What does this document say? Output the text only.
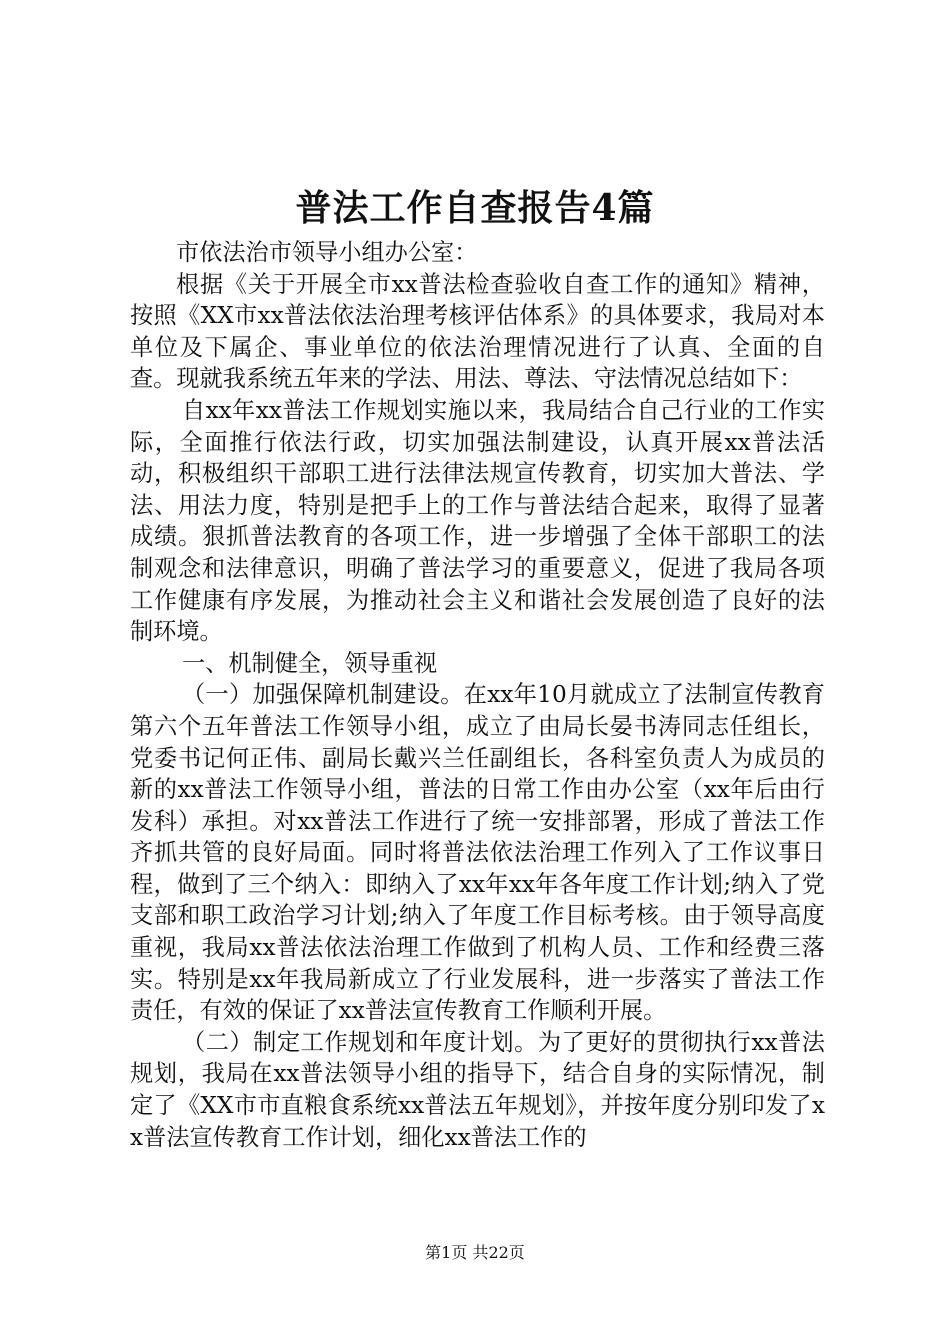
普法工作自查报告4篇

市依法治市领导小组办公室：

根据《关于开展全市xx普法检查验收自查工作的通知》精神，按照《XX市xx普法依法治理考核评估体系》的具体要求，我局对本单位及下属企、事业单位的依法治理情况进行了认真、全面的自查。现就我系统五年来的学法、用法、尊法、守法情况总结如下：

自xx年xx普法工作规划实施以来，我局结合自己行业的工作实际，全面推行依法行政，切实加强法制建设，认真开展xx普法活动，积极组织干部职工进行法律法规宣传教育，切实加大普法、学法、用法力度，特别是把手上的工作与普法结合起来，取得了显著成绩。狠抓普法教育的各项工作，进一步增强了全体干部职工的法制观念和法律意识，明确了普法学习的重要意义，促进了我局各项工作健康有序发展，为推动社会主义和谐社会发展创造了良好的法制环境。

一、机制健全，领导重视

（一）加强保障机制建设。在xx年10月就成立了法制宣传教育第六个五年普法工作领导小组，成立了由局长晏书涛同志任组长，党委书记何正伟、副局长戴兴兰任副组长，各科室负责人为成员的新的xx普法工作领导小组，普法的日常工作由办公室（xx年后由行发科）承担。对xx普法工作进行了统一安排部署，形成了普法工作齐抓共管的良好局面。同时将普法依法治理工作列入了工作议事日程，做到了三个纳入：即纳入了xx年xx年各年度工作计划;纳入了党支部和职工政治学习计划;纳入了年度工作目标考核。由于领导高度重视，我局xx普法依法治理工作做到了机构人员、工作和经费三落实。特别是xx年我局新成立了行业发展科，进一步落实了普法工作责任，有效的保证了xx普法宣传教育工作顺利开展。

（二）制定工作规划和年度计划。为了更好的贯彻执行xx普法规划，我局在xx普法领导小组的指导下，结合自身的实际情况，制定了《XX市市直粮食系统xx普法五年规划》，并按年度分别印发了xx普法宣传教育工作计划，细化xx普法工作的

第1页 共22页
